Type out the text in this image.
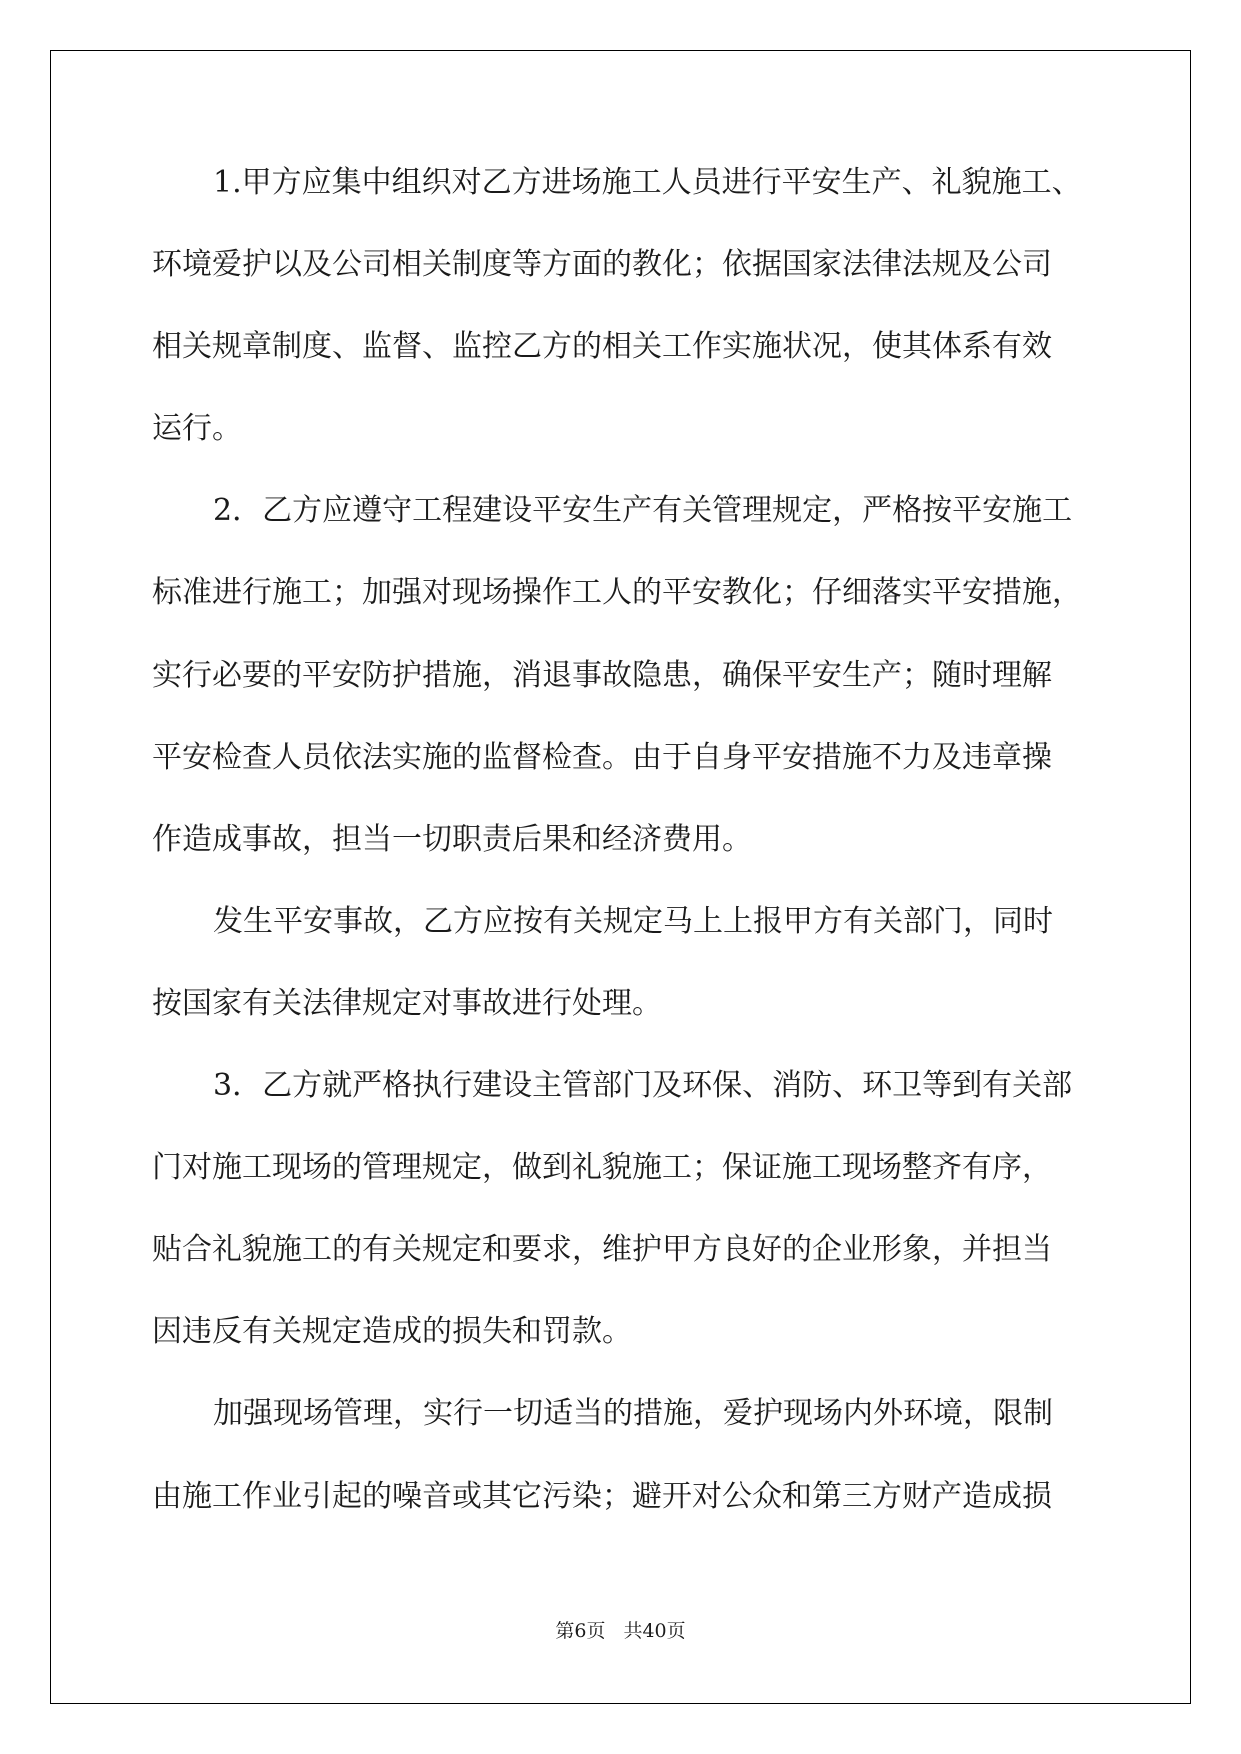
1.甲方应集中组织对乙方进场施工人员进行平安生产、礼貌施工、
环境爱护以及公司相关制度等方面的教化；依据国家法律法规及公司
相关规章制度、监督、监控乙方的相关工作实施状况，使其体系有效
运行。
2．乙方应遵守工程建设平安生产有关管理规定，严格按平安施工
标准进行施工；加强对现场操作工人的平安教化；仔细落实平安措施，
实行必要的平安防护措施，消退事故隐患，确保平安生产；随时理解
平安检查人员依法实施的监督检查。由于自身平安措施不力及违章操
作造成事故，担当一切职责后果和经济费用。
发生平安事故，乙方应按有关规定马上上报甲方有关部门，同时
按国家有关法律规定对事故进行处理。
3．乙方就严格执行建设主管部门及环保、消防、环卫等到有关部
门对施工现场的管理规定，做到礼貌施工；保证施工现场整齐有序，
贴合礼貌施工的有关规定和要求，维护甲方良好的企业形象，并担当
因违反有关规定造成的损失和罚款。
加强现场管理，实行一切适当的措施，爱护现场内外环境，限制
由施工作业引起的噪音或其它污染；避开对公众和第三方财产造成损
第6页 共40页
